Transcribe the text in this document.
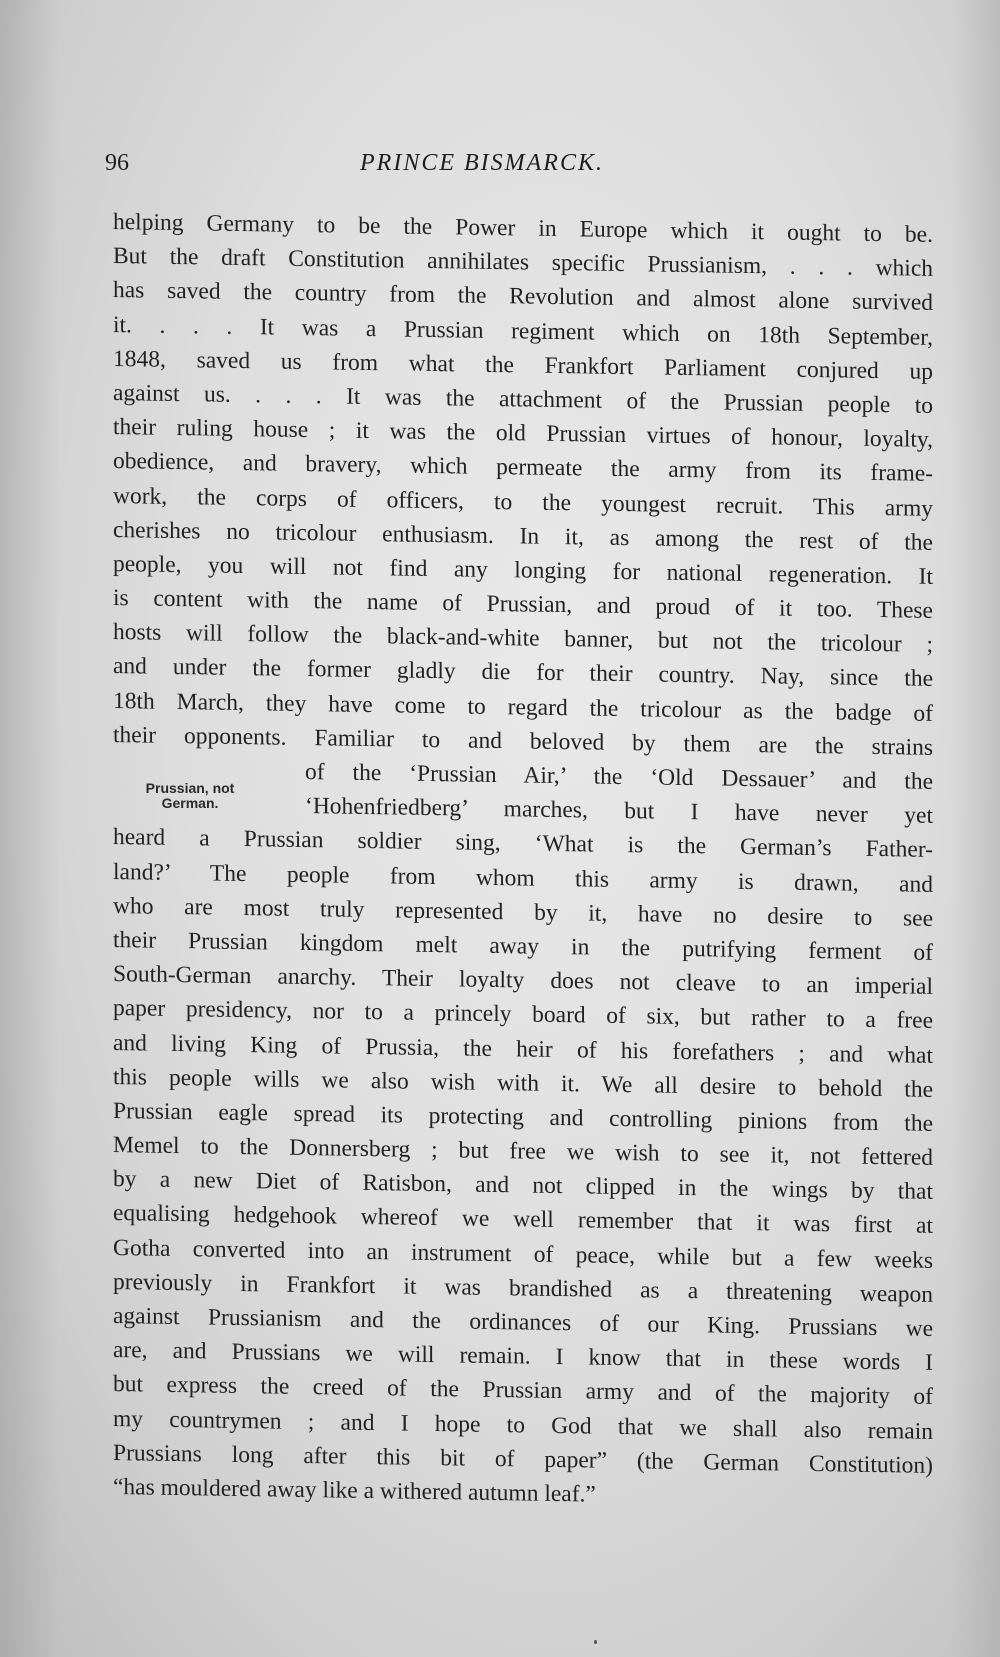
96	PRINCE BISMARCK.
Prussian, not
German.
helping Germany to be the Power in Europe which it ought to be.
But the draft Constitution annihilates specific Prussianism, . . . which
has saved the country from the Revolution and almost alone survived
it. . . . It was a Prussian regiment which on 18th September,
1848, saved us from what the Frankfort Parliament conjured up
against us. . . . It was the attachment of the Prussian people to
their ruling house ; it was the old Prussian virtues of honour, loyalty,
obedience, and bravery, which permeate the army from its frame-
work, the corps of officers, to the youngest recruit. This army
cherishes no tricolour enthusiasm. In it, as among the rest of the
people, you will not find any longing for national regeneration. It
is content with the name of Prussian, and proud of it too. These
hosts will follow the black-and-white banner, but not the tricolour ;
and under the former gladly die for their country. Nay, since the
18th March, they have come to regard the tricolour as the badge of
their opponents. Familiar to and beloved by them are the strains
of the ‘Prussian Air,’ the ‘Old Dessauer’ and the
‘Hohenfriedberg’ marches, but I have never yet
heard a Prussian soldier sing, ‘What is the German’s Father-
land?’ The people from whom this army is drawn, and
who are most truly represented by it, have no desire to see
their Prussian kingdom melt away in the putrifying ferment of
South-German anarchy. Their loyalty does not cleave to an imperial
paper presidency, nor to a princely board of six, but rather to a free
and living King of Prussia, the heir of his forefathers ; and what
this people wills we also wish with it. We all desire to behold the
Prussian eagle spread its protecting and controlling pinions from the
Memel to the Donnersberg ; but free we wish to see it, not fettered
by a new Diet of Ratisbon, and not clipped in the wings by that
equalising hedgehook whereof we well remember that it was first at
Gotha converted into an instrument of peace, while but a few weeks
previously in Frankfort it was brandished as a threatening weapon
against Prussianism and the ordinances of our King. Prussians we
are, and Prussians we will remain. I know that in these words I
but express the creed of the Prussian army and of the majority of
my countrymen ; and I hope to God that we shall also remain
Prussians long after this bit of paper” (the German Constitution)
“has mouldered away like a withered autumn leaf.”
